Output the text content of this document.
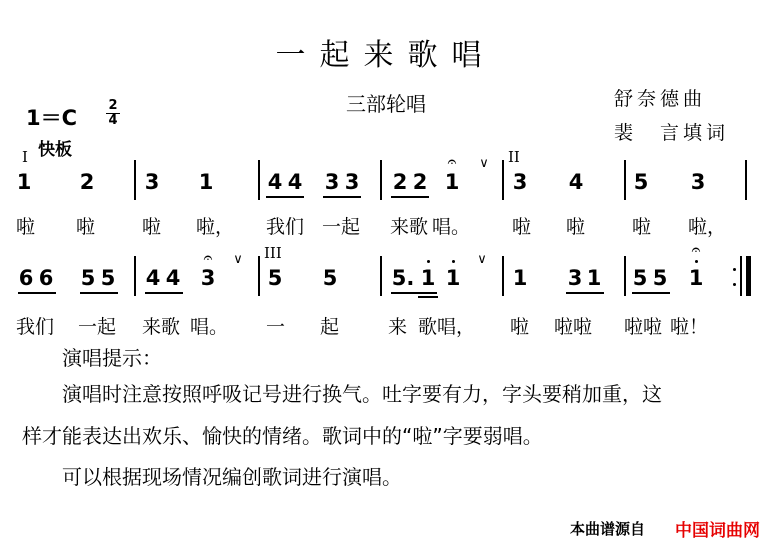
一起来歌唱
三部轮唱	舒奈德曲
裴　言填词
1＝C
2
4
快板
I	II
III
1 2 3 1	4 4 3 3 2 2 1	3 4 5 3
𝄐 ∨
啦 啦 啦 啦， 我们 一起 来歌 唱。 啦 啦 啦 啦，
6 6 5 5 4 4 3 5 5	5. 1 1 1 3 1 5 5 1
𝄐	𝄐
∨	∨
我们 一起 来歌 唱。 一 起	来 歌唱， 啦 啦啦 啦啦 啦！
演唱提示：
演唱时注意按照呼吸记号进行换气。吐字要有力，字头要稍加重，这
样才能表达出欢乐、愉快的情绪。歌词中的“啦”字要弱唱。
可以根据现场情况编创歌词进行演唱。
本曲谱源自 中国词曲网
